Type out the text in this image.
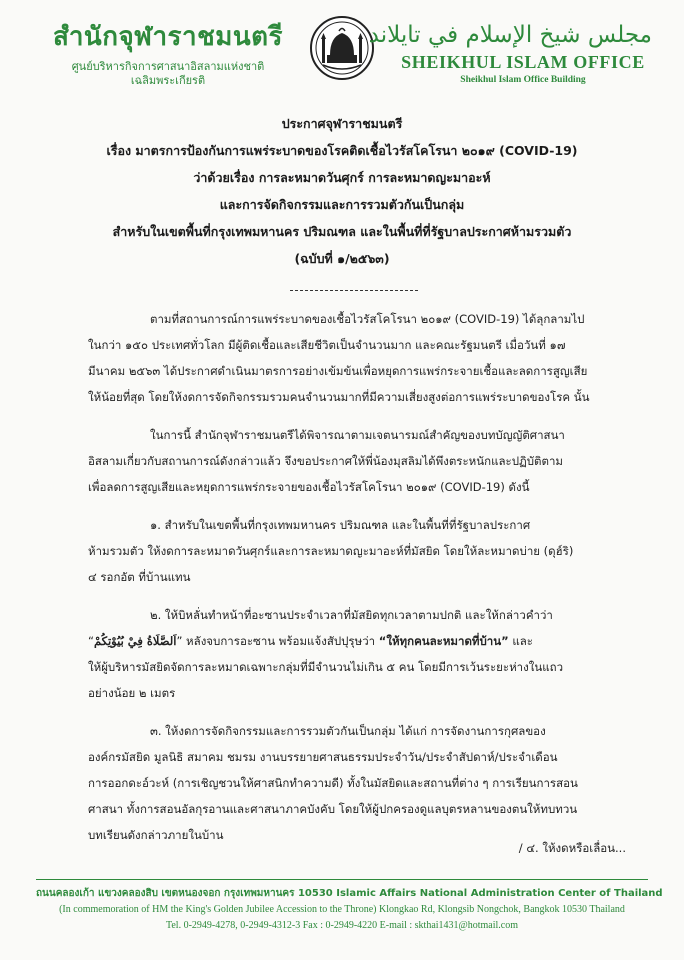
สำนักจุฬาราชมนตรี
ศูนย์บริหารกิจการศาสนาอิสลามแห่งชาติ
เฉลิมพระเกียรติ
مجلس شيخ الإسلام في تايلاند
SHEIKHUL ISLAM OFFICE
Sheikhul Islam Office Building
ประกาศจุฬาราชมนตรี
เรื่อง มาตรการป้องกันการแพร่ระบาดของโรคติดเชื้อไวรัสโคโรนา ๒๐๑๙ (COVID-19)
ว่าด้วยเรื่อง การละหมาดวันศุกร์ การละหมาดญะมาอะห์
และการจัดกิจกรรมและการรวมตัวกันเป็นกลุ่ม
สำหรับในเขตพื้นที่กรุงเทพมหานคร ปริมณฑล และในพื้นที่ที่รัฐบาลประกาศห้ามรวมตัว
(ฉบับที่ ๑/๒๕๖๓)
ตามที่สถานการณ์การแพร่ระบาดของเชื้อไวรัสโคโรนา ๒๐๑๙ (COVID-19) ได้ลุกลามไป
ในกว่า ๑๕๐ ประเทศทั่วโลก มีผู้ติดเชื้อและเสียชีวิตเป็นจำนวนมาก และคณะรัฐมนตรี เมื่อวันที่ ๑๗
มีนาคม ๒๕๖๓ ได้ประกาศดำเนินมาตรการอย่างเข้มข้นเพื่อหยุดการแพร่กระจายเชื้อและลดการสูญเสีย
ให้น้อยที่สุด โดยให้งดการจัดกิจกรรมรวมคนจำนวนมากที่มีความเสี่ยงสูงต่อการแพร่ระบาดของโรค นั้น
ในการนี้ สำนักจุฬาราชมนตรีได้พิจารณาตามเจตนารมณ์สำคัญของบทบัญญัติศาสนา
อิสลามเกี่ยวกับสถานการณ์ดังกล่าวแล้ว จึงขอประกาศให้พี่น้องมุสลิมได้พึงตระหนักและปฏิบัติตาม
เพื่อลดการสูญเสียและหยุดการแพร่กระจายของเชื้อไวรัสโคโรนา ๒๐๑๙ (COVID-19) ดังนี้
๑. สำหรับในเขตพื้นที่กรุงเทพมหานคร ปริมณฑล และในพื้นที่ที่รัฐบาลประกาศ
ห้ามรวมตัว ให้งดการละหมาดวันศุกร์และการละหมาดญะมาอะห์ที่มัสยิด โดยให้ละหมาดบ่าย (ดุฮ์ริ)
๔ รอกอัต ที่บ้านแทน
๒. ให้บิหลั่นทำหน้าที่อะซานประจำเวลาที่มัสยิดทุกเวลาตามปกติ และให้กล่าวคำว่า
“اَلصَّلَاةُ فِيْ بُيُوْتِكُمْ” หลังจบการอะซาน พร้อมแจ้งสัปปุรุษว่า “ให้ทุกคนละหมาดที่บ้าน” และ
ให้ผู้บริหารมัสยิดจัดการละหมาดเฉพาะกลุ่มที่มีจำนวนไม่เกิน ๕ คน โดยมีการเว้นระยะห่างในแถว
อย่างน้อย ๒ เมตร
๓. ให้งดการจัดกิจกรรมและการรวมตัวกันเป็นกลุ่ม ได้แก่ การจัดงานการกุศลของ
องค์กรมัสยิด มูลนิธิ สมาคม ชมรม งานบรรยายศาสนธรรมประจำวัน/ประจำสัปดาห์/ประจำเดือน
การออกดะอ์วะห์ (การเชิญชวนให้ศาสนิกทำความดี) ทั้งในมัสยิดและสถานที่ต่าง ๆ การเรียนการสอน
ศาสนา ทั้งการสอนอัลกุรอานและศาสนาภาคบังคับ โดยให้ผู้ปกครองดูแลบุตรหลานของตนให้ทบทวน
บทเรียนดังกล่าวภายในบ้าน
/ ๔. ให้งดหรือเลื่อน...
ถนนคลองเก้า แขวงคลองสิบ เขตหนองจอก กรุงเทพมหานคร 10530 Islamic Affairs National Administration Center of Thailand
(In commemoration of HM the King's Golden Jubilee Accession to the Throne) Klongkao Rd, Klongsib Nongchok, Bangkok 10530 Thailand
Tel. 0-2949-4278, 0-2949-4312-3 Fax : 0-2949-4220 E-mail : skthai1431@hotmail.com
